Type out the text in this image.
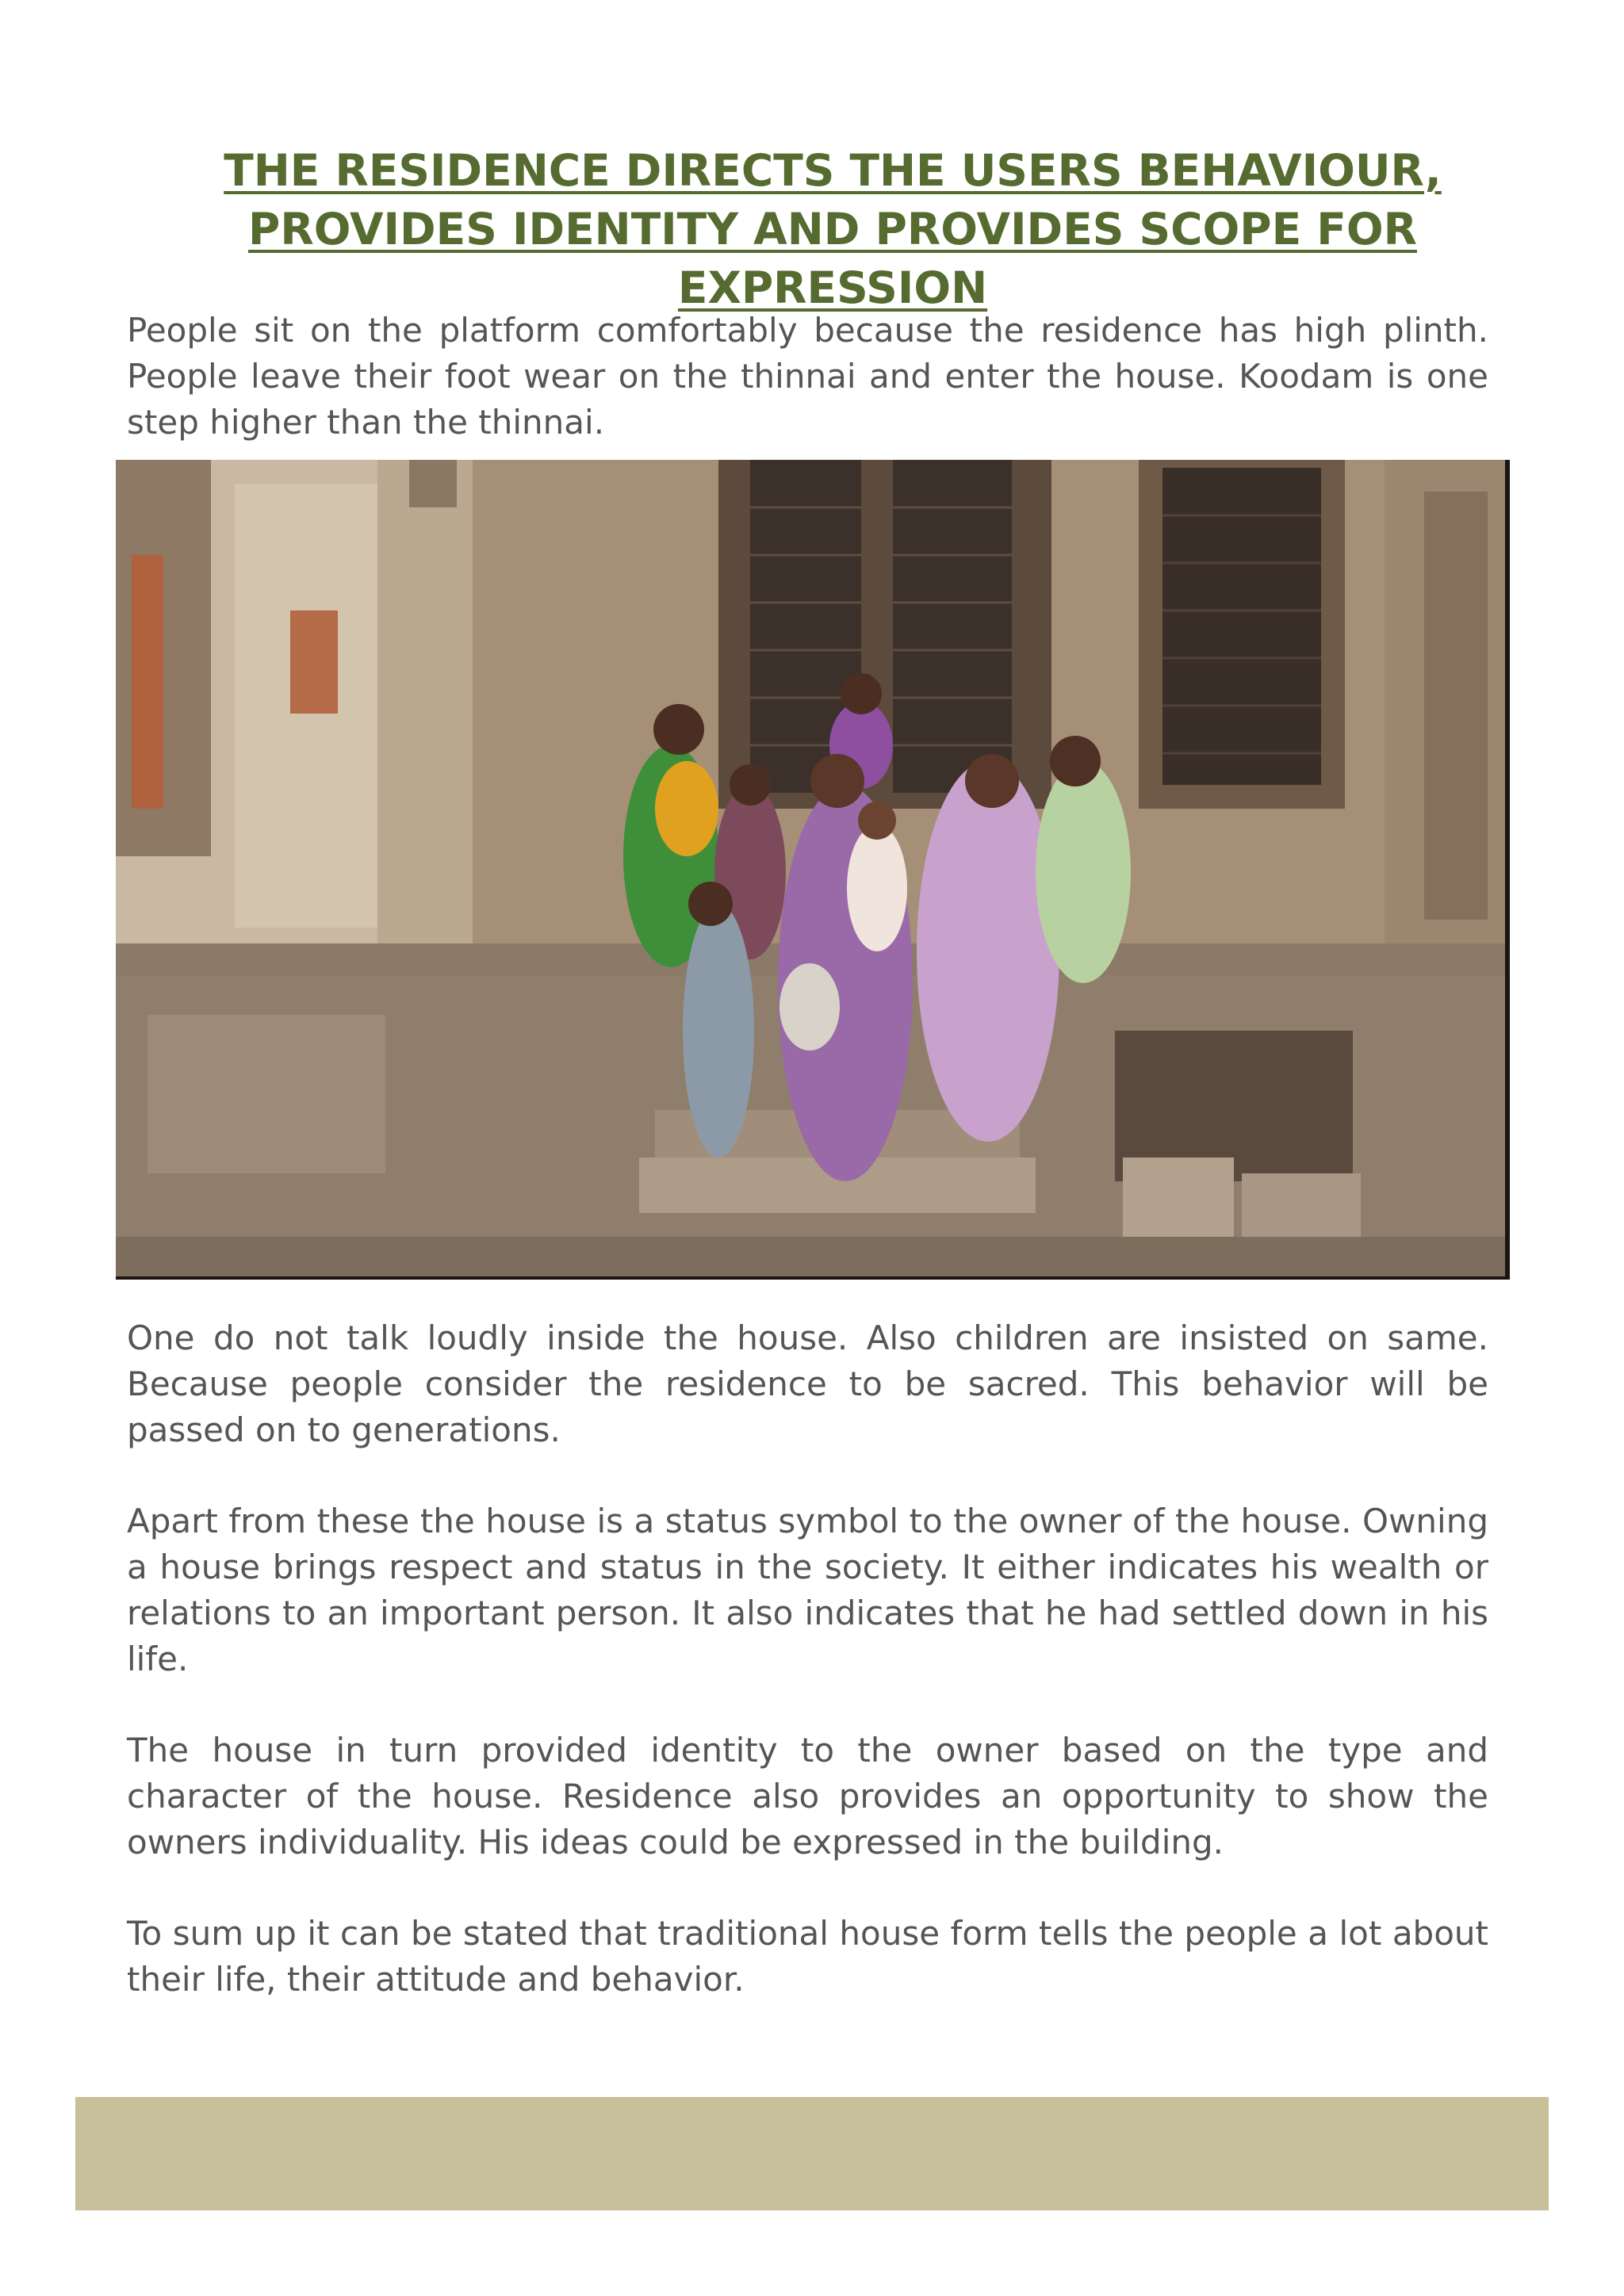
THE RESIDENCE DIRECTS THE USERS BEHAVIOUR,
PROVIDES IDENTITY AND PROVIDES SCOPE FOR EXPRESSION

People sit on the platform comfortably because the residence has high plinth. People leave their foot wear on the thinnai and enter the house. Koodam is one step higher than the thinnai.

One do not talk loudly inside the house. Also children are insisted on same. Because people consider the residence to be sacred. This behavior will be passed on to generations.

Apart from these the house is a status symbol to the owner of the house. Owning a house brings respect and status in the society. It either indicates his wealth or relations to an important person. It also indicates that he had settled down in his life.

The house in turn provided identity to the owner based on the type and character of the house. Residence also provides an opportunity to show the owners individuality. His ideas could be expressed in the building.

To sum up it can be stated that traditional house form tells the people a lot about their life, their attitude and behavior.
